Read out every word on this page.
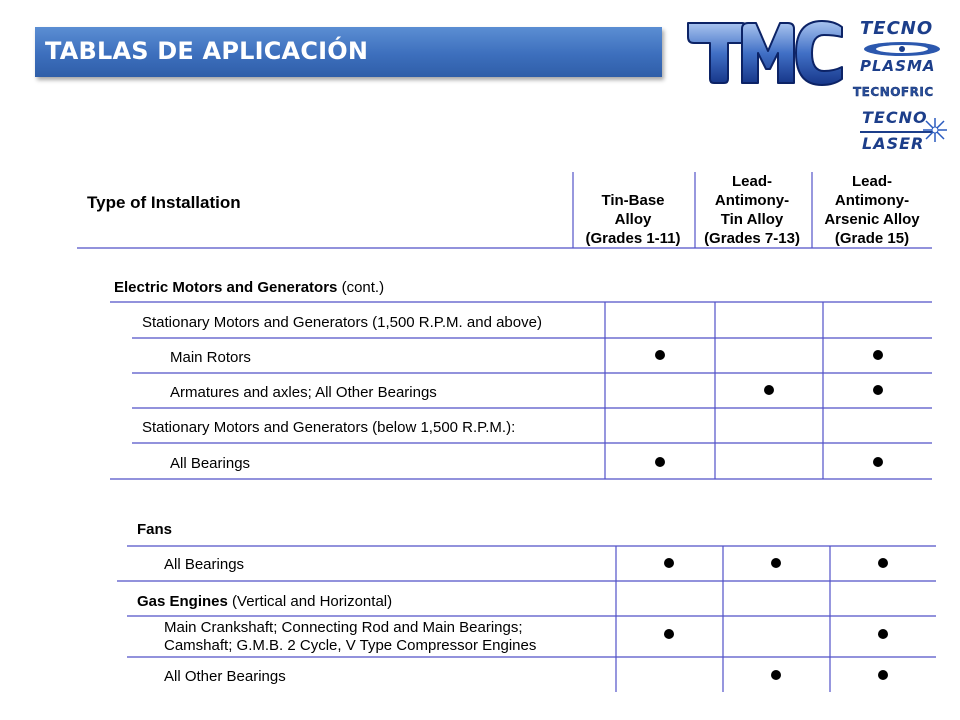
TABLAS DE APLICACIÓN
TECNO
PLASMA
TECNOFRIC
TECNO
LASER
Type of Installation	Tin-Base
Alloy
(Grades 1-11)
Lead-
Antimony-
Tin Alloy
(Grades 7-13)
Lead-
Antimony-
Arsenic Alloy
(Grade 15)
Electric Motors and Generators (cont.)
Stationary Motors and Generators (1,500 R.P.M. and above)
Main Rotors
Armatures and axles; All Other Bearings
Stationary Motors and Generators (below 1,500 R.P.M.):
All Bearings
Fans
All Bearings
Gas Engines (Vertical and Horizontal)
Main Crankshaft; Connecting Rod and Main Bearings;
Camshaft; G.M.B. 2 Cycle, V Type Compressor Engines
All Other Bearings
